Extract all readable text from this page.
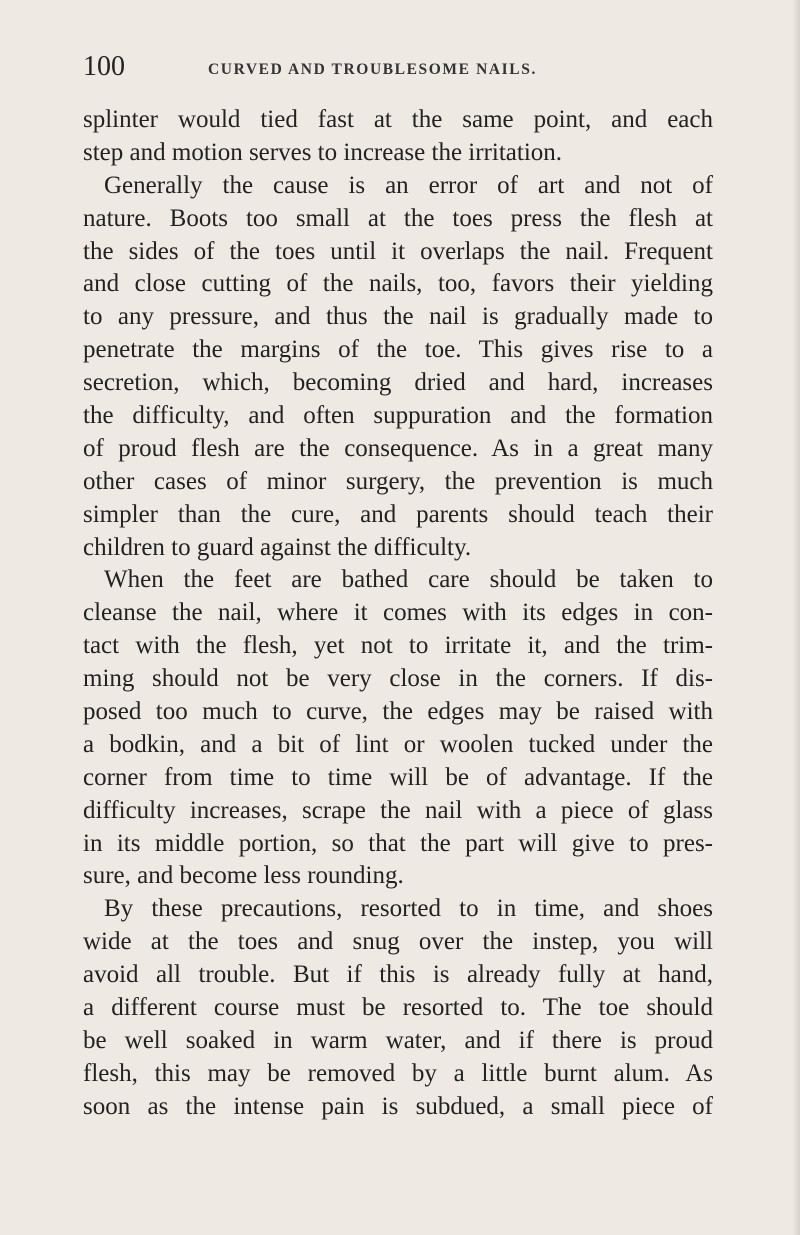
100	CURVED AND TROUBLESOME NAILS.
splinter would tied fast at the same point, and each
step and motion serves to increase the irritation.
Generally the cause is an error of art and not of
nature. Boots too small at the toes press the flesh at
the sides of the toes until it overlaps the nail. Frequent
and close cutting of the nails, too, favors their yielding
to any pressure, and thus the nail is gradually made to
penetrate the margins of the toe. This gives rise to a
secretion, which, becoming dried and hard, increases
the difficulty, and often suppuration and the formation
of proud flesh are the consequence. As in a great many
other cases of minor surgery, the prevention is much
simpler than the cure, and parents should teach their
children to guard against the difficulty.
When the feet are bathed care should be taken to
cleanse the nail, where it comes with its edges in con-
tact with the flesh, yet not to irritate it, and the trim-
ming should not be very close in the corners. If dis-
posed too much to curve, the edges may be raised with
a bodkin, and a bit of lint or woolen tucked under the
corner from time to time will be of advantage. If the
difficulty increases, scrape the nail with a piece of glass
in its middle portion, so that the part will give to pres-
sure, and become less rounding.
By these precautions, resorted to in time, and shoes
wide at the toes and snug over the instep, you will
avoid all trouble. But if this is already fully at hand,
a different course must be resorted to. The toe should
be well soaked in warm water, and if there is proud
flesh, this may be removed by a little burnt alum. As
soon as the intense pain is subdued, a small piece of
